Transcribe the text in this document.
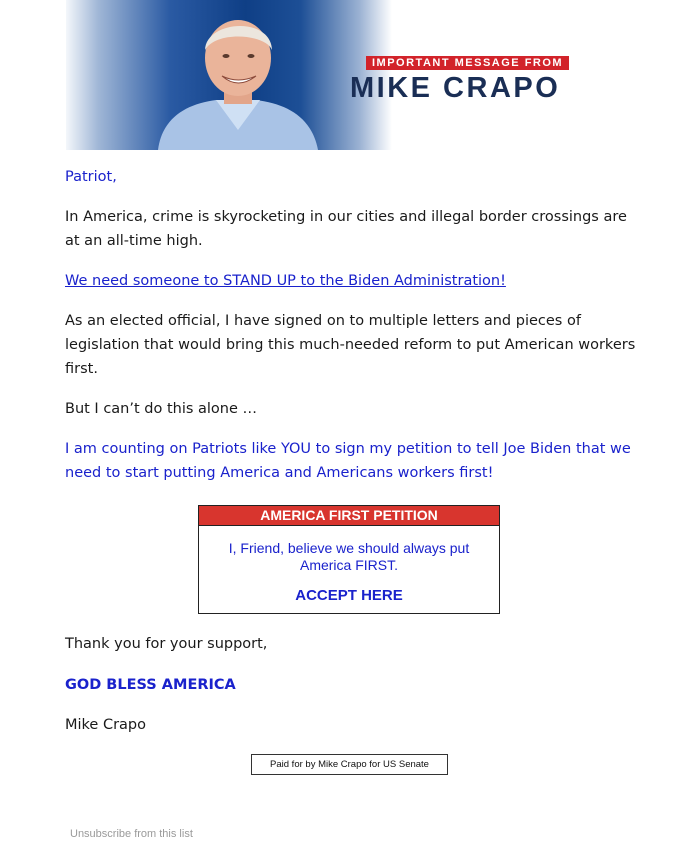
IMPORTANT MESSAGE FROM
MIKE CRAPO

Patriot,

In America, crime is skyrocketing in our cities and illegal border crossings are at an all-time high.

We need someone to STAND UP to the Biden Administration!

As an elected official, I have signed on to multiple letters and pieces of legislation that would bring this much-needed reform to put American workers first.

But I can’t do this alone …

I am counting on Patriots like YOU to sign my petition to tell Joe Biden that we need to start putting America and Americans workers first!

AMERICA FIRST PETITION
I, Friend, believe we should always put America FIRST.
ACCEPT HERE

Thank you for your support,

GOD BLESS AMERICA

Mike Crapo

Paid for by Mike Crapo for US Senate
Unsubscribe from this list
